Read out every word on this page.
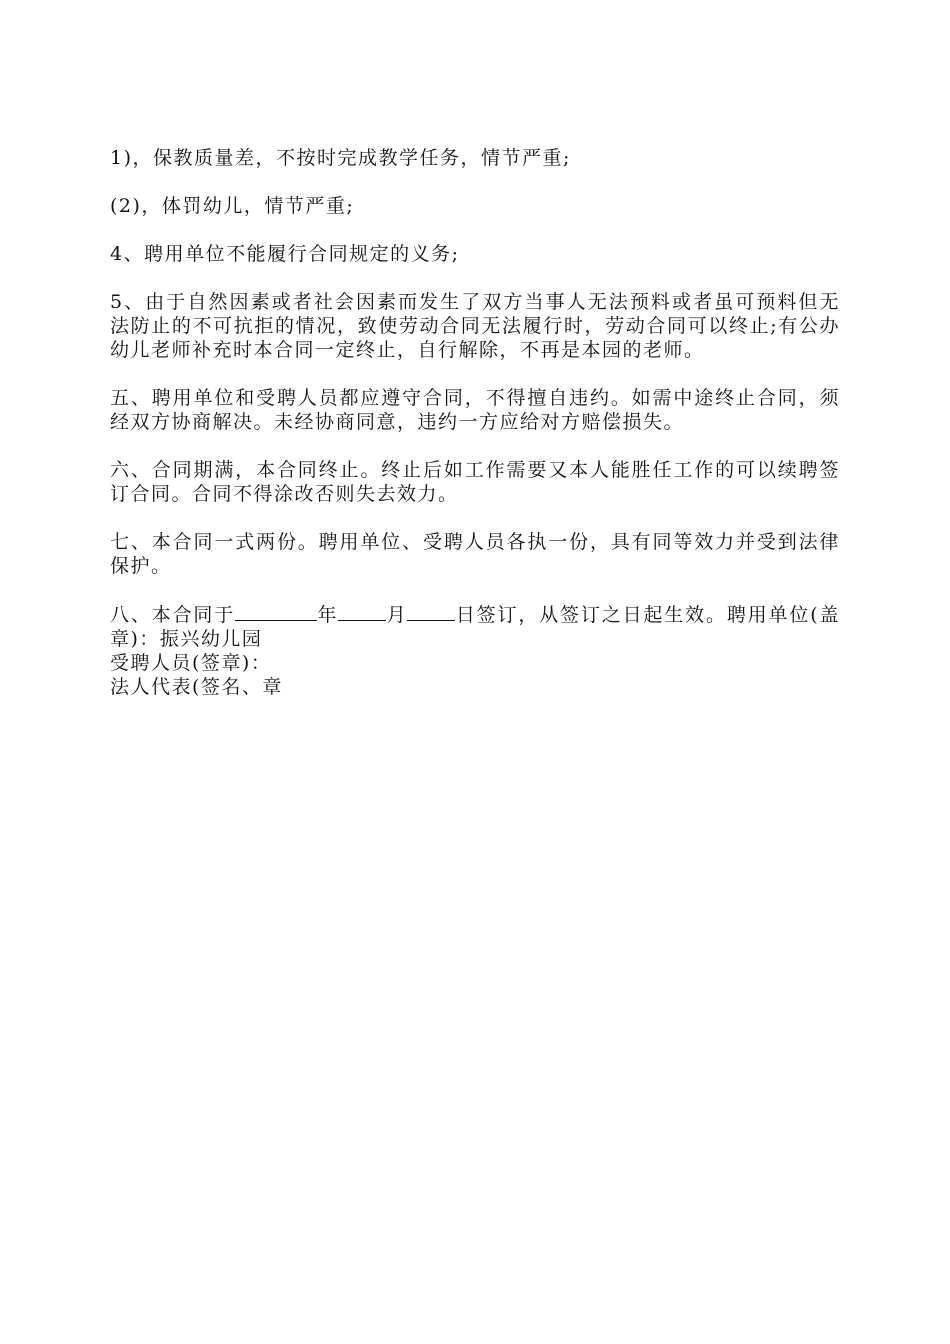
1)，保教质量差，不按时完成教学任务，情节严重;

(2)，体罚幼儿，情节严重;

4、聘用单位不能履行合同规定的义务;

5、由于自然因素或者社会因素而发生了双方当事人无法预料或者虽可预料但无法防止的不可抗拒的情况，致使劳动合同无法履行时，劳动合同可以终止;有公办幼儿老师补充时本合同一定终止，自行解除，不再是本园的老师。

五、聘用单位和受聘人员都应遵守合同，不得擅自违约。如需中途终止合同，须经双方协商解决。未经协商同意，违约一方应给对方赔偿损失。

六、合同期满，本合同终止。终止后如工作需要又本人能胜任工作的可以续聘签订合同。合同不得涂改否则失去效力。

七、本合同一式两份。聘用单位、受聘人员各执一份，具有同等效力并受到法律保护。

八、本合同于	年	月	日签订，从签订之日起生效。聘用单位(盖章)：振兴幼儿园

受聘人员(签章)：

法人代表(签名、章
